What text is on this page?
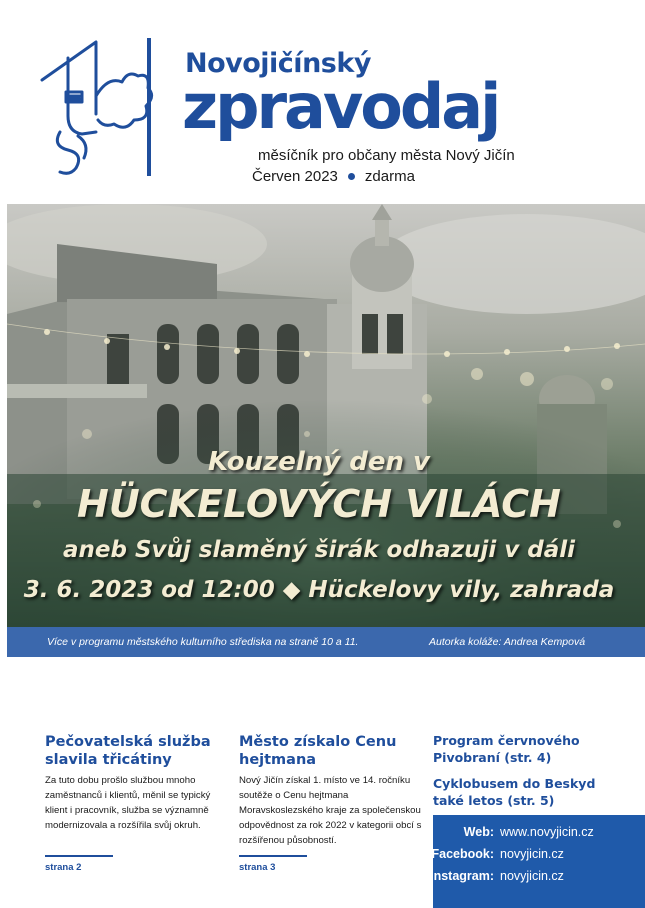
Novojičínský
zpravodaj
měsíčník pro občany města Nový Jičín
Červen 2023 zdarma
Kouzelný den v
HÜCKELOVÝCH VILÁCH
aneb Svůj slaměný širák odhazuji v dáli
3. 6. 2023 od 12:00 ◆ Hückelovy vily, zahrada
Více v programu městského kulturního střediska na straně 10 a 11.	Autorka koláže: Andrea Kempová
Pečovatelská služba slavila třicátiny
Za tuto dobu prošlo službou mnoho zaměstnanců i klientů, měnil se typický klient i pracovník, služba se významně modernizovala a rozšířila svůj okruh.
strana 2
Město získalo Cenu hejtmana
Nový Jičín získal 1. místo ve 14. ročníku soutěže o Cenu hejtmana Moravskoslezského kraje za společenskou odpovědnost za rok 2022 v kategorii obcí s rozšířenou působností.
strana 3
Program červnového Pivobraní (str. 4)
Cyklobusem do Beskyd také letos (str. 5)
Web: www.novyjicin.cz
Facebook: novyjicin.cz
Instagram: novyjicin.cz
